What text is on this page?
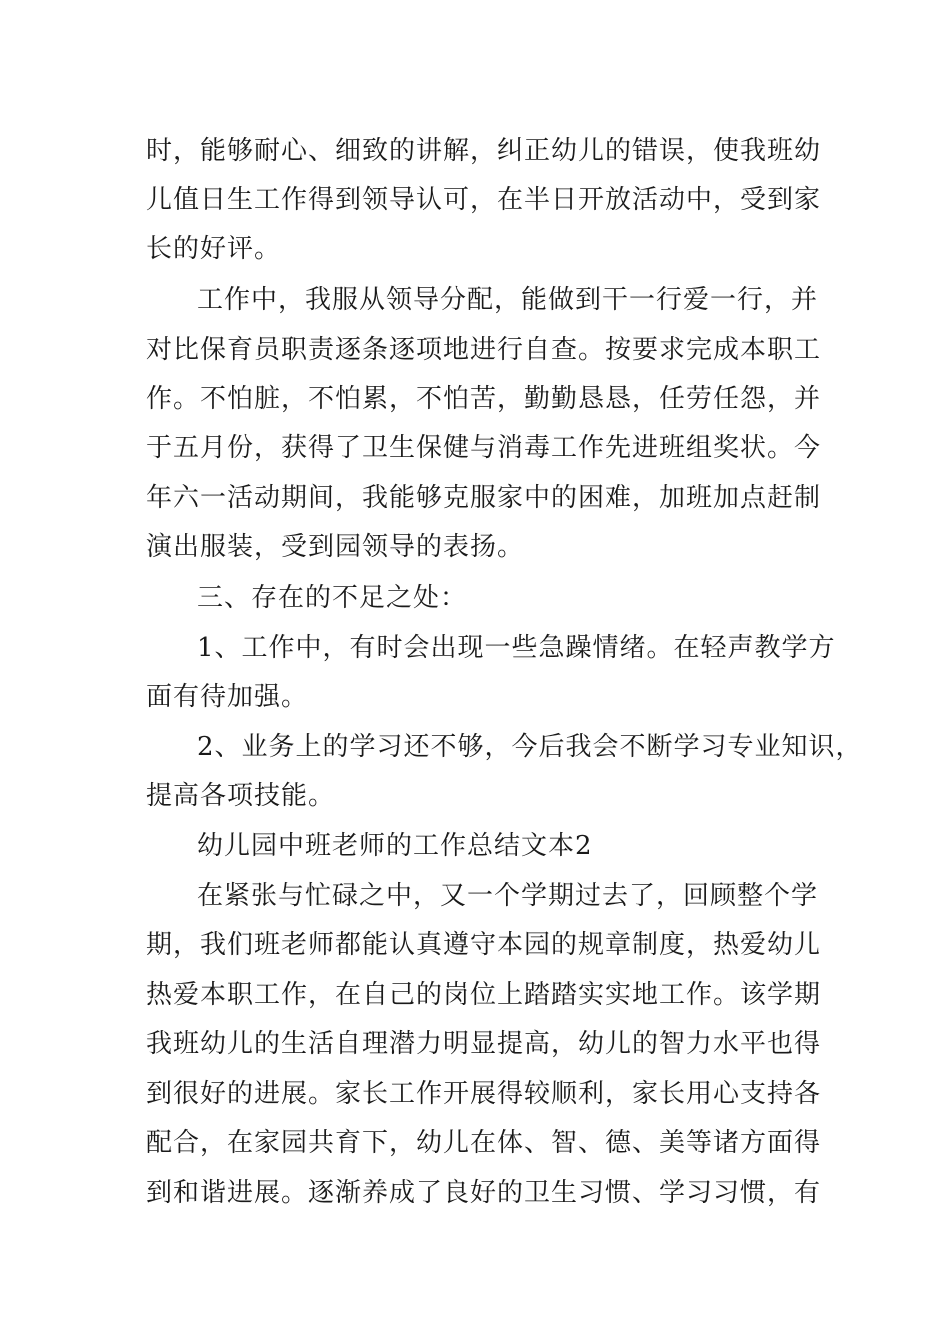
时，能够耐心、细致的讲解，纠正幼儿的错误，使我班幼
儿值日生工作得到领导认可，在半日开放活动中，受到家
长的好评。
工作中，我服从领导分配，能做到干一行爱一行，并
对比保育员职责逐条逐项地进行自查。按要求完成本职工
作。不怕脏，不怕累，不怕苦，勤勤恳恳，任劳任怨，并
于五月份，获得了卫生保健与消毒工作先进班组奖状。今
年六一活动期间，我能够克服家中的困难，加班加点赶制
演出服装，受到园领导的表扬。
三、存在的不足之处：
1、工作中，有时会出现一些急躁情绪。在轻声教学方
面有待加强。
2、业务上的学习还不够，今后我会不断学习专业知识，
提高各项技能。
幼儿园中班老师的工作总结文本2
在紧张与忙碌之中，又一个学期过去了，回顾整个学
期，我们班老师都能认真遵守本园的规章制度，热爱幼儿
热爱本职工作，在自己的岗位上踏踏实实地工作。该学期
我班幼儿的生活自理潜力明显提高，幼儿的智力水平也得
到很好的进展。家长工作开展得较顺利，家长用心支持各
配合，在家园共育下，幼儿在体、智、德、美等诸方面得
到和谐进展。逐渐养成了良好的卫生习惯、学习习惯，有
